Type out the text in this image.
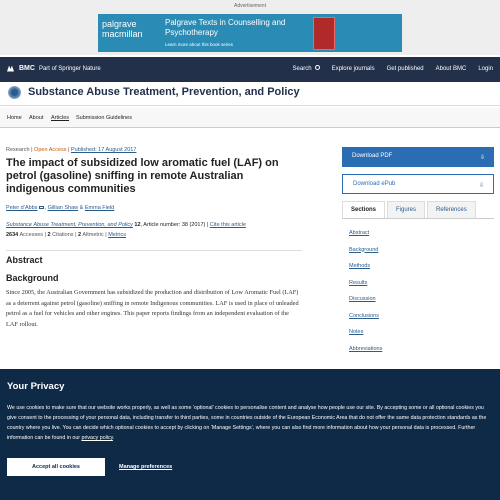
Advertisement
palgrave
macmillan
Palgrave Texts in Counselling and Psychotherapy
Learn more about this book series
BMC Part of Springer Nature	Search	Explore journals Get published About BMC Login
Substance Abuse Treatment, Prevention, and Policy
Home About Articles Submission Guidelines
Research | Open Access | Published: 17 August 2017
The impact of subsidized low aromatic fuel (LAF) on petrol (gasoline) sniffing in remote Australian indigenous communities
Peter d’Abbs , Gillian Shaw & Emma Field
Substance Abuse Treatment, Prevention, and Policy 12, Article number: 38 (2017) | Cite this article
2634 Accesses | 2 Citations | 2 Altmetric | Metrics
Abstract
Background

Since 2005, the Australian Government has subsidized the production and distribution of Low Aromatic Fuel (LAF) as a deterrent against petrol (gasoline) sniffing in remote Indigenous communities. LAF is used in place of unleaded petrol as a fuel for vehicles and other engines. This paper reports findings from an independent evaluation of the LAF rollout.

Download PDF	⇩
Download ePub	⇩
Sections	Figures	References
Abstract
Background
Methods
Results
Discussion
Conclusions
Notes
Abbreviations
Your Privacy

We use cookies to make sure that our website works properly, as well as some ‘optional’ cookies to personalise content and analyse how people use our site. By accepting some or all optional cookies you give consent to the processing of your personal data, including transfer to third parties, some in countries outside of the European Economic Area that do not offer the same data protection standards as the country where you live. You can decide which optional cookies to accept by clicking on ‘Manage Settings’, where you can also find more information about how your personal data is processed. Further information can be found in our privacy policy.

Accept all cookies	Manage preferences
